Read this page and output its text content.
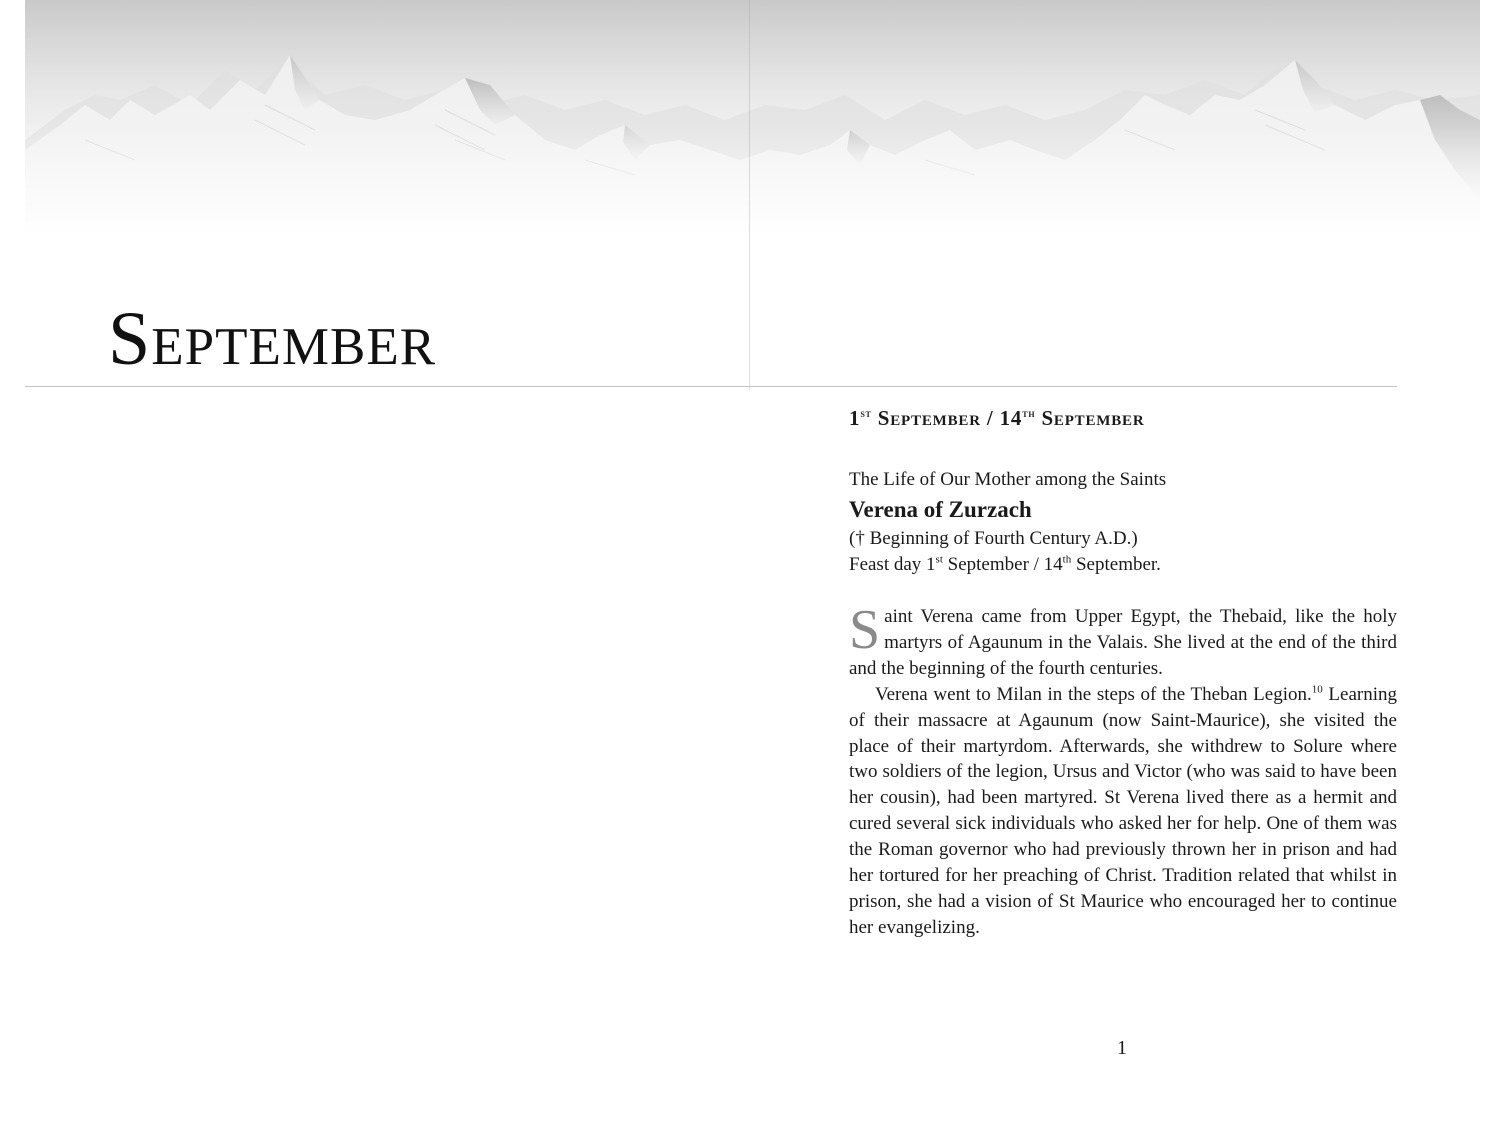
September
1st September / 14th September

The Life of Our Mother among the Saints

Verena of Zurzach

(† Beginning of Fourth Century A.D.)

Feast day 1st September / 14th September.

Saint Verena came from Upper Egypt, the Thebaid, like the holy martyrs of Agaunum in the Valais. She lived at the end of the third and the beginning of the fourth centuries.

Verena went to Milan in the steps of the Theban Legion.$^{10}$ Learning of their massacre at Agaunum (now Saint-Maurice), she visited the place of their martyrdom. Afterwards, she withdrew to Solure where two soldiers of the legion, Ursus and Victor (who was said to have been her cousin), had been martyred. St Verena lived there as a hermit and cured several sick individuals who asked her for help. One of them was the Roman governor who had previously thrown her in prison and had her tortured for her preaching of Christ. Tradition related that whilst in prison, she had a vision of St Maurice who encouraged her to continue her evangelizing.

1
